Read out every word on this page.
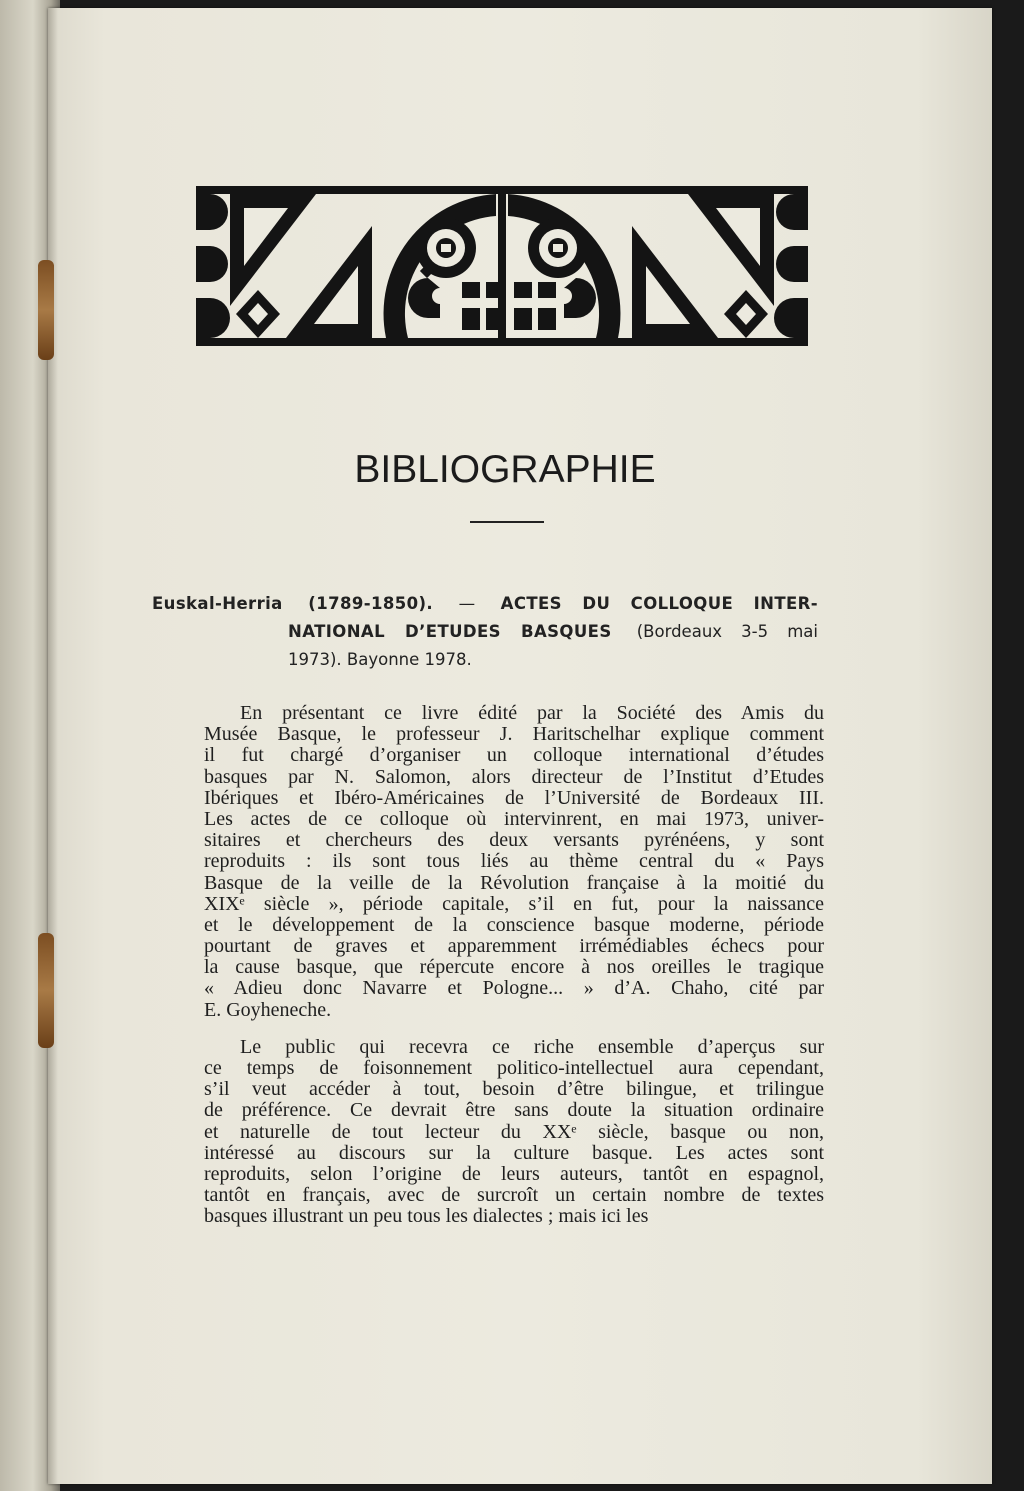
BIBLIOGRAPHIE
Euskal-Herria (1789-1850). — ACTES DU COLLOQUE INTER-
NATIONAL D’ETUDES BASQUES (Bordeaux 3-5 mai
1973). Bayonne 1978.
En présentant ce livre édité par la Société des Amis du
Musée Basque, le professeur J. Haritschelhar explique comment
il fut chargé d’organiser un colloque international d’études
basques par N. Salomon, alors directeur de l’Institut d’Etudes
Ibériques et Ibéro-Américaines de l’Université de Bordeaux III.
Les actes de ce colloque où intervinrent, en mai 1973, univer-
sitaires et chercheurs des deux versants pyrénéens, y sont
reproduits : ils sont tous liés au thème central du « Pays
Basque de la veille de la Révolution française à la moitié du
XIXᵉ siècle », période capitale, s’il en fut, pour la naissance
et le développement de la conscience basque moderne, période
pourtant de graves et apparemment irrémédiables échecs pour
la cause basque, que répercute encore à nos oreilles le tragique
« Adieu donc Navarre et Pologne... » d’A. Chaho, cité par
E. Goyheneche.
Le public qui recevra ce riche ensemble d’aperçus sur
ce temps de foisonnement politico-intellectuel aura cependant,
s’il veut accéder à tout, besoin d’être bilingue, et trilingue
de préférence. Ce devrait être sans doute la situation ordinaire
et naturelle de tout lecteur du XXᵉ siècle, basque ou non,
intéressé au discours sur la culture basque. Les actes sont
reproduits, selon l’origine de leurs auteurs, tantôt en espagnol,
tantôt en français, avec de surcroît un certain nombre de textes
basques illustrant un peu tous les dialectes ; mais ici les
